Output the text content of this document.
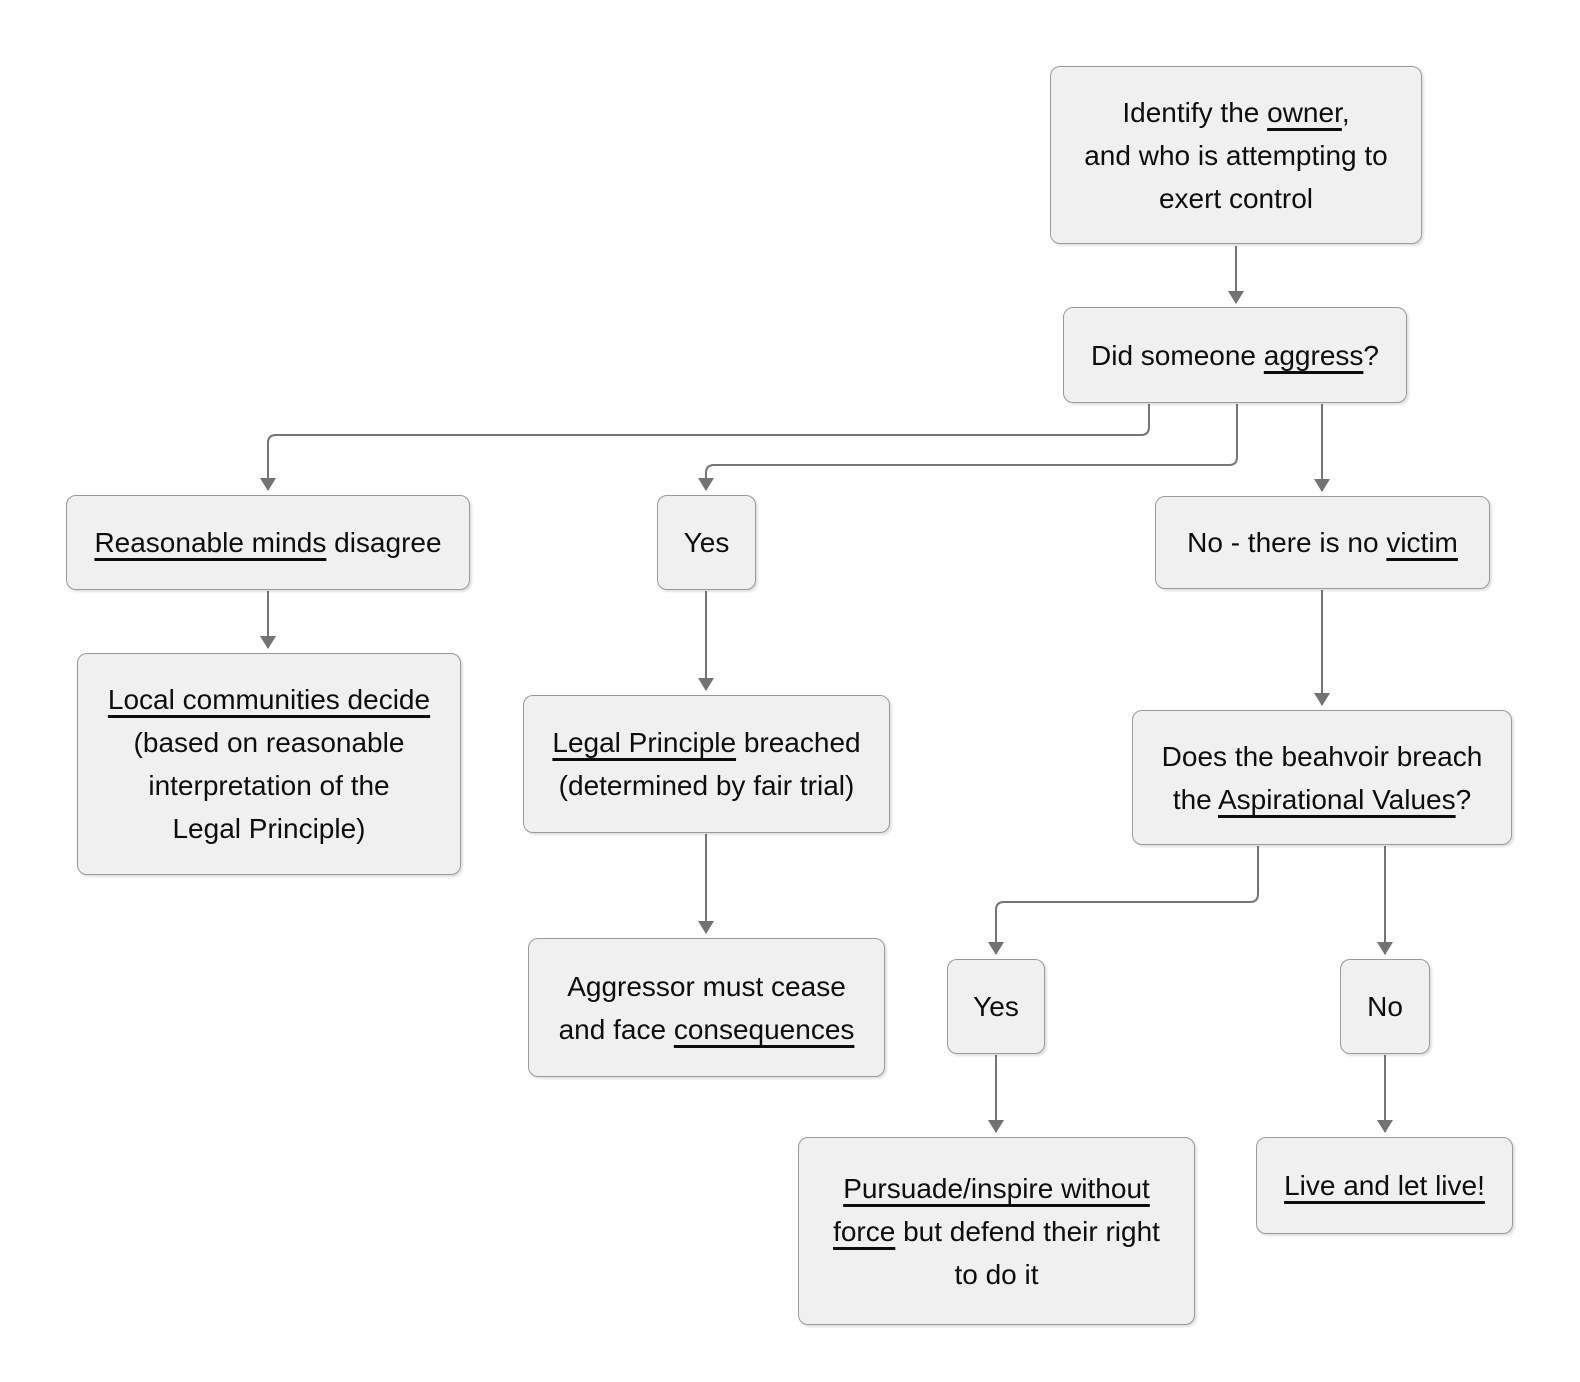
Identify the owner,
and who is attempting to
exert control
Did someone aggress?
Reasonable minds disagree	Yes	No - there is no victim
Local communities decide
(based on reasonable
interpretation of the
Legal Principle)
Legal Principle breached
(determined by fair trial)
Does the beahvoir breach
the Aspirational Values?
Aggressor must cease
and face consequences
Yes	No
Pursuade/inspire without
force but defend their right
to do it
Live and let live!
